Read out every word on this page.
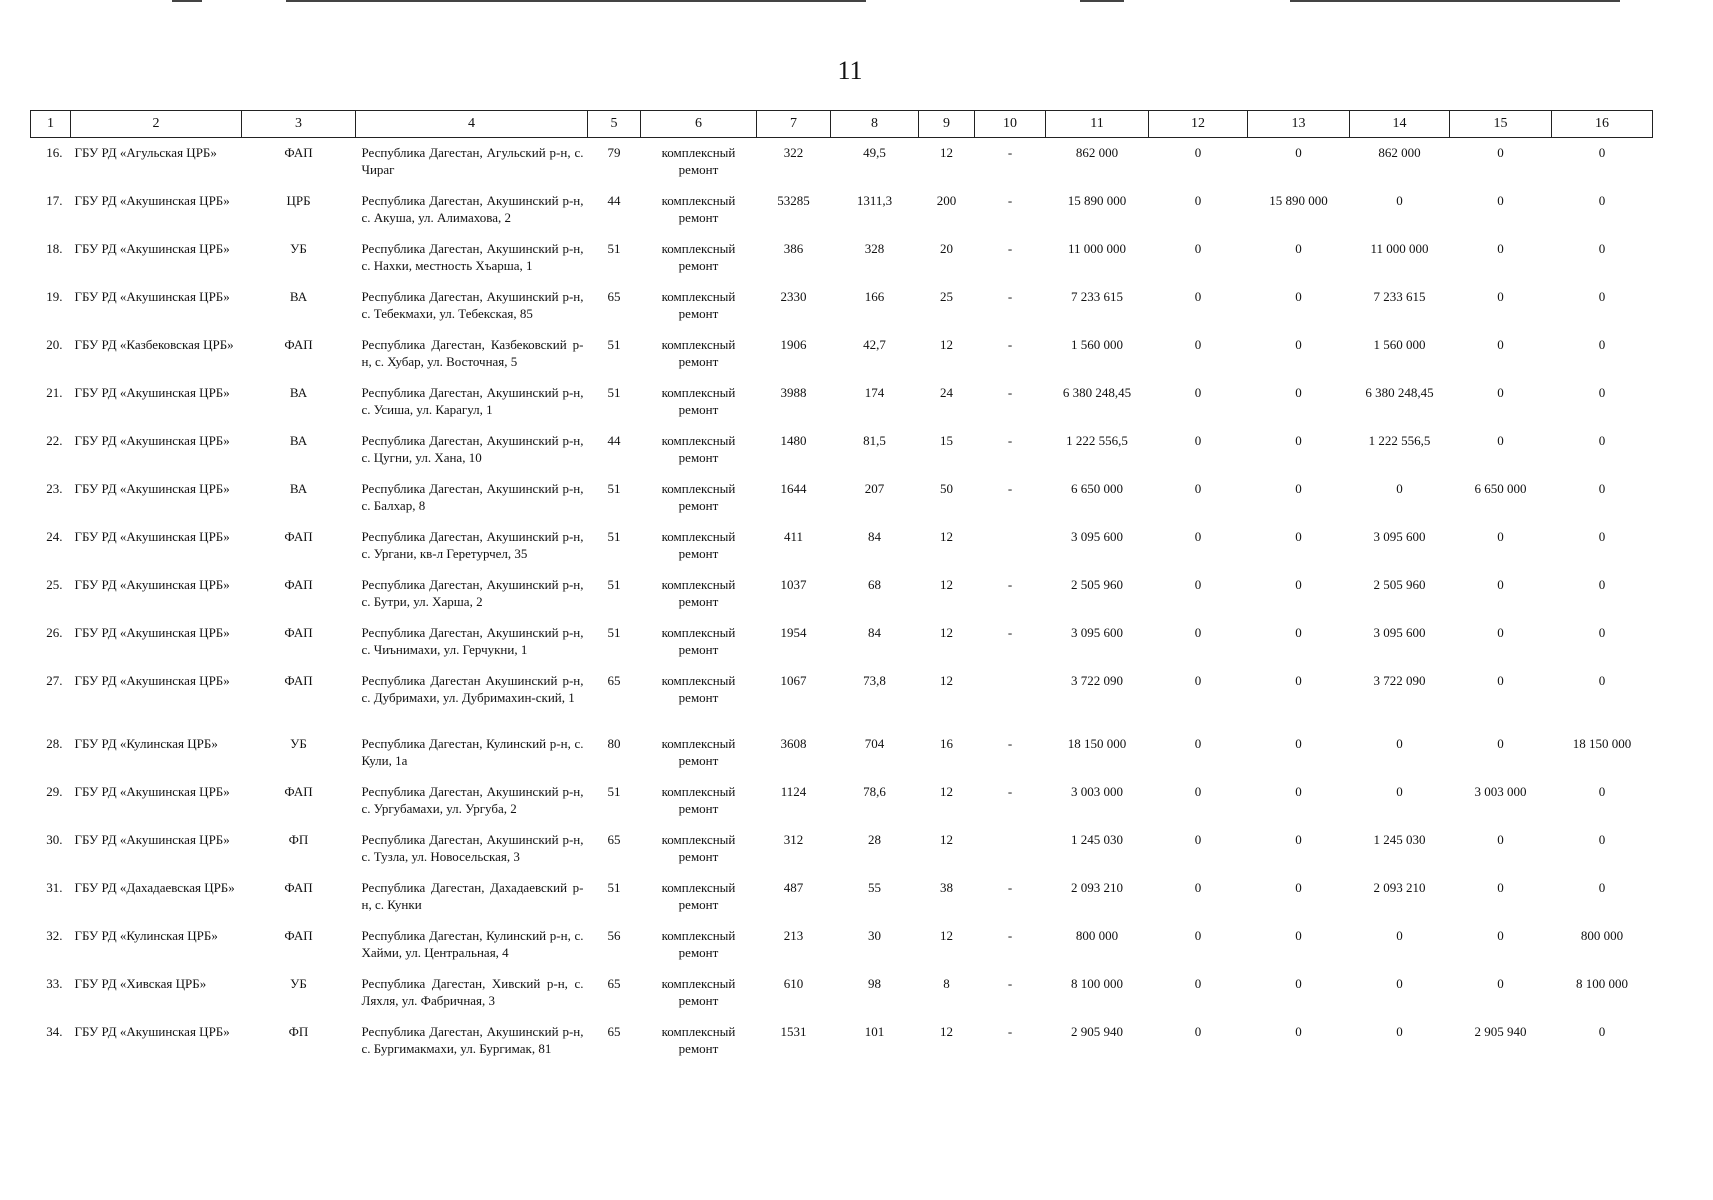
11
1	2	3	4	5	6	7	8	9	10	11	12	13	14	15	16
16.	ГБУ РД «Агульская ЦРБ»	ФАП	Республика Дагестан, Агульский р-н, с. Чираг	79	комплексный ремонт	322	49,5	12	-	862 000	0	0	862 000	0	0
17.	ГБУ РД «Акушинская ЦРБ»	ЦРБ	Республика Дагестан, Акушинский р-н, с. Акуша, ул. Алимахова, 2	44	комплексный ремонт	53285	1311,3	200	-	15 890 000	0	15 890 000	0	0	0
18.	ГБУ РД «Акушинская ЦРБ»	УБ	Республика Дагестан, Акушинский р-н, с. Нахки, местность Хъарша, 1	51	комплексный ремонт	386	328	20	-	11 000 000	0	0	11 000 000	0	0
19.	ГБУ РД «Акушинская ЦРБ»	ВА	Республика Дагестан, Акушинский р-н, с. Тебекмахи, ул. Тебекская, 85	65	комплексный ремонт	2330	166	25	-	7 233 615	0	0	7 233 615	0	0
20.	ГБУ РД «Казбековская ЦРБ»	ФАП	Республика Дагестан, Казбековский р-н, с. Хубар, ул. Восточная, 5	51	комплексный ремонт	1906	42,7	12	-	1 560 000	0	0	1 560 000	0	0
21.	ГБУ РД «Акушинская ЦРБ»	ВА	Республика Дагестан, Акушинский р-н, с. Усиша, ул. Карагул, 1	51	комплексный ремонт	3988	174	24	-	6 380 248,45	0	0	6 380 248,45	0	0
22.	ГБУ РД «Акушинская ЦРБ»	ВА	Республика Дагестан, Акушинский р-н, с. Цугни, ул. Хана, 10	44	комплексный ремонт	1480	81,5	15	-	1 222 556,5	0	0	1 222 556,5	0	0
23.	ГБУ РД «Акушинская ЦРБ»	ВА	Республика Дагестан, Акушинский р-н, с. Балхар, 8	51	комплексный ремонт	1644	207	50	-	6 650 000	0	0	0	6 650 000	0
24.	ГБУ РД «Акушинская ЦРБ»	ФАП	Республика Дагестан, Акушинский р-н, с. Ургани, кв-л Геретурчел, 35	51	комплексный ремонт	411	84	12		3 095 600	0	0	3 095 600	0	0
25.	ГБУ РД «Акушинская ЦРБ»	ФАП	Республика Дагестан, Акушинский р-н, с. Бутри, ул. Харша, 2	51	комплексный ремонт	1037	68	12	-	2 505 960	0	0	2 505 960	0	0
26.	ГБУ РД «Акушинская ЦРБ»	ФАП	Республика Дагестан, Акушинский р-н, с. Чиънимахи, ул. Герчукни, 1	51	комплексный ремонт	1954	84	12	-	3 095 600	0	0	3 095 600	0	0
27.	ГБУ РД «Акушинская ЦРБ»	ФАП	Республика Дагестан Акушинский р-н, с. Дубримахи, ул. Дубримахин-ский, 1	65	комплексный ремонт	1067	73,8	12		3 722 090	0	0	3 722 090	0	0
28.	ГБУ РД «Кулинская ЦРБ»	УБ	Республика Дагестан, Кулинский р-н, с. Кули, 1а	80	комплексный ремонт	3608	704	16	-	18 150 000	0	0	0	0	18 150 000
29.	ГБУ РД «Акушинская ЦРБ»	ФАП	Республика Дагестан, Акушинский р-н, с. Ургубамахи, ул. Ургуба, 2	51	комплексный ремонт	1124	78,6	12	-	3 003 000	0	0	0	3 003 000	0
30.	ГБУ РД «Акушинская ЦРБ»	ФП	Республика Дагестан, Акушинский р-н, с. Тузла, ул. Новосельская, 3	65	комплексный ремонт	312	28	12		1 245 030	0	0	1 245 030	0	0
31.	ГБУ РД «Дахадаевская ЦРБ»	ФАП	Республика Дагестан, Дахадаевский р-н, с. Кунки	51	комплексный ремонт	487	55	38	-	2 093 210	0	0	2 093 210	0	0
32.	ГБУ РД «Кулинская ЦРБ»	ФАП	Республика Дагестан, Кулинский р-н, с. Хайми, ул. Центральная, 4	56	комплексный ремонт	213	30	12	-	800 000	0	0	0	0	800 000
33.	ГБУ РД «Хивская ЦРБ»	УБ	Республика Дагестан, Хивский р-н, с. Ляхля, ул. Фабричная, 3	65	комплексный ремонт	610	98	8	-	8 100 000	0	0	0	0	8 100 000
34.	ГБУ РД «Акушинская ЦРБ»	ФП	Республика Дагестан, Акушинский р-н, с. Бургимакмахи, ул. Бургимак, 81	65	комплексный ремонт	1531	101	12	-	2 905 940	0	0	0	2 905 940	0
